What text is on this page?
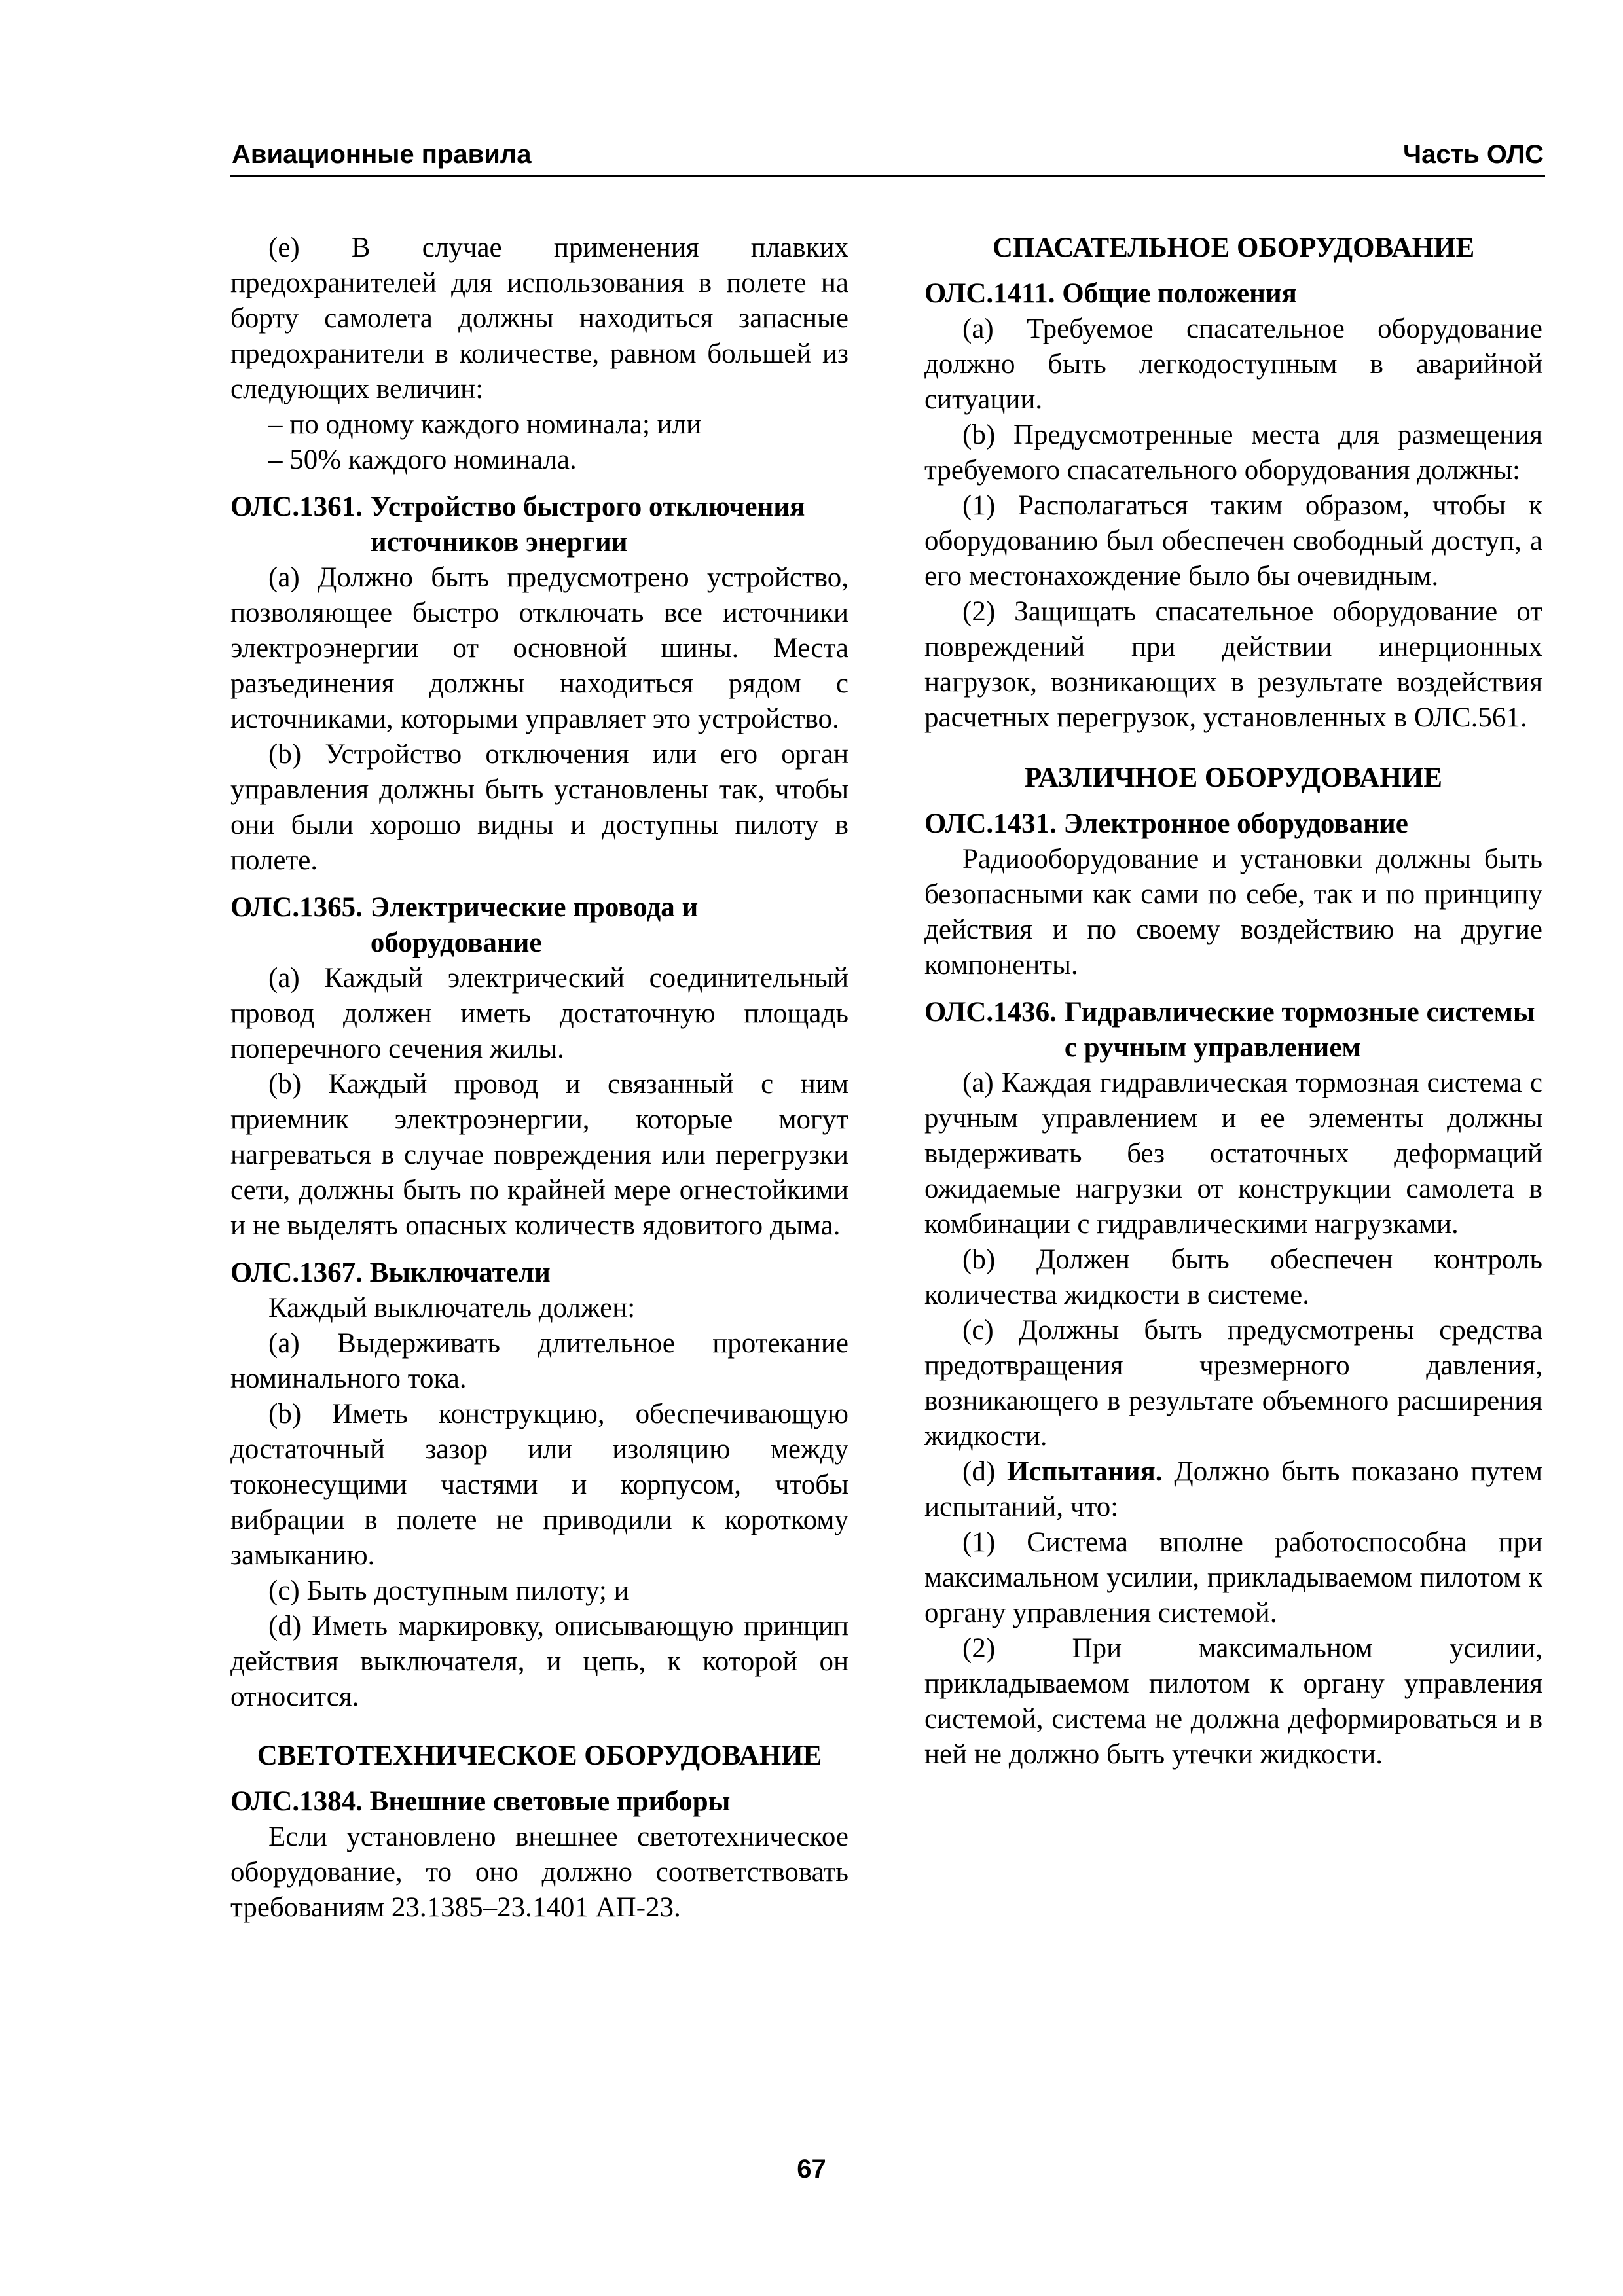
Авиационные правила	Часть ОЛС

(е) В случае применения плавких предохранителей для использования в полете на борту самолета должны находиться запасные предохранители в количестве, равном большей из следующих величин:

– по одному каждого номинала; или

– 50% каждого номинала.

ОЛС.1361. Устройство быстрого отключения источников энергии

(а) Должно быть предусмотрено устройство, позволяющее быстро отключать все источники электроэнергии от основной шины. Места разъединения должны находиться рядом с источниками, которыми управляет это устройство.

(b) Устройство отключения или его орган управления должны быть установлены так, чтобы они были хорошо видны и доступны пилоту в полете.

ОЛС.1365. Электрические провода и оборудование

(а) Каждый электрический соединительный провод должен иметь достаточную площадь поперечного сечения жилы.

(b) Каждый провод и связанный с ним приемник электроэнергии, которые могут нагреваться в случае повреждения или перегрузки сети, должны быть по крайней мере огнестойкими и не выделять опасных количеств ядовитого дыма.

ОЛС.1367. Выключатели

Каждый выключатель должен:

(а) Выдерживать длительное протекание номинального тока.

(b) Иметь конструкцию, обеспечивающую достаточный зазор или изоляцию между токонесущими частями и корпусом, чтобы вибрации в полете не приводили к короткому замыканию.

(с) Быть доступным пилоту; и

(d) Иметь маркировку, описывающую принцип действия выключателя, и цепь, к которой он относится.

СВЕТОТЕХНИЧЕСКОЕ ОБОРУДОВАНИЕ

ОЛС.1384. Внешние световые приборы

Если установлено внешнее светотехническое оборудование, то оно должно соответствовать требованиям 23.1385–23.1401 АП-23.

СПАСАТЕЛЬНОЕ ОБОРУДОВАНИЕ

ОЛС.1411. Общие положения

(а) Требуемое спасательное оборудование должно быть легкодоступным в аварийной ситуации.

(b) Предусмотренные места для размещения требуемого спасательного оборудования должны:

(1) Располагаться таким образом, чтобы к оборудованию был обеспечен свободный доступ, а его местонахождение было бы очевидным.

(2) Защищать спасательное оборудование от повреждений при действии инерционных нагрузок, возникающих в результате воздействия расчетных перегрузок, установленных в ОЛС.561.

РАЗЛИЧНОЕ ОБОРУДОВАНИЕ

ОЛС.1431. Электронное оборудование

Радиооборудование и установки должны быть безопасными как сами по себе, так и по принципу действия и по своему воздействию на другие компоненты.

ОЛС.1436. Гидравлические тормозные системы с ручным управлением

(а) Каждая гидравлическая тормозная система с ручным управлением и ее элементы должны выдерживать без остаточных деформаций ожидаемые нагрузки от конструкции самолета в комбинации с гидравлическими нагрузками.

(b) Должен быть обеспечен контроль количества жидкости в системе.

(с) Должны быть предусмотрены средства предотвращения чрезмерного давления, возникающего в результате объемного расширения жидкости.

(d) Испытания. Должно быть показано путем испытаний, что:

(1) Система вполне работоспособна при максимальном усилии, прикладываемом пилотом к органу управления системой.

(2) При максимальном усилии, прикладываемом пилотом к органу управления системой, система не должна деформироваться и в ней не должно быть утечки жидкости.

67
